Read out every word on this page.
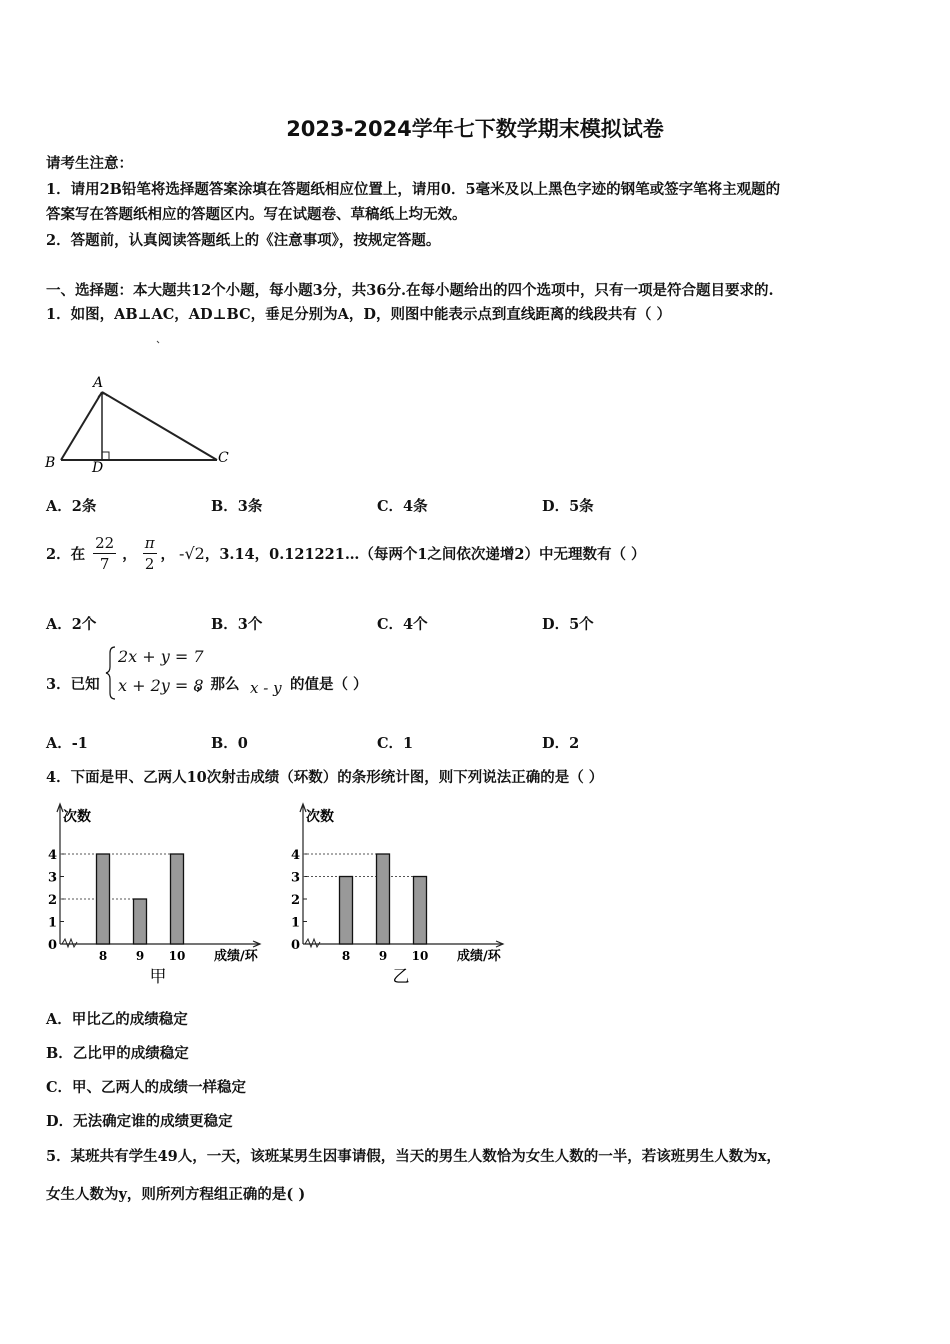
2023-2024学年七下数学期末模拟试卷
请考生注意：
1．请用2B铅笔将选择题答案涂填在答题纸相应位置上，请用0．5毫米及以上黑色字迹的钢笔或签字笔将主观题的
答案写在答题纸相应的答题区内。写在试题卷、草稿纸上均无效。
2．答题前，认真阅读答题纸上的《注意事项》，按规定答题。
一、选择题：本大题共12个小题，每小题3分，共36分.在每小题给出的四个选项中，只有一项是符合题目要求的.
1．如图，AB⊥AC，AD⊥BC，垂足分别为A，D，则图中能表示点到直线距离的线段共有（ ）
A
B	C
D
A．2条	B．3条	C．4条	D．5条
2．在 $\frac{22}{7}$ ， $\frac{\pi}{2}$ ， -√2 ，3.14，0.121221…（每两个1之间依次递增2）中无理数有（ ）
A．2个	B．3个	C．4个	D．5个
3．已知
2x + y = 7
x + 2y = 8
，那么 x - y 的值是（ ）
A．-1	B．0	C．1	D．2
4．下面是甲、乙两人10次射击成绩（环数）的条形统计图，则下列说法正确的是（ ）
次数
0
1
2
3
4
8 9 10 成绩/环
甲
次数
0
1
2
3
4
8 9 10 成绩/环
乙
A．甲比乙的成绩稳定
B．乙比甲的成绩稳定
C．甲、乙两人的成绩一样稳定
D．无法确定谁的成绩更稳定
5．某班共有学生49人，一天，该班某男生因事请假，当天的男生人数恰为女生人数的一半，若该班男生人数为x，
女生人数为y，则所列方程组正确的是( )
